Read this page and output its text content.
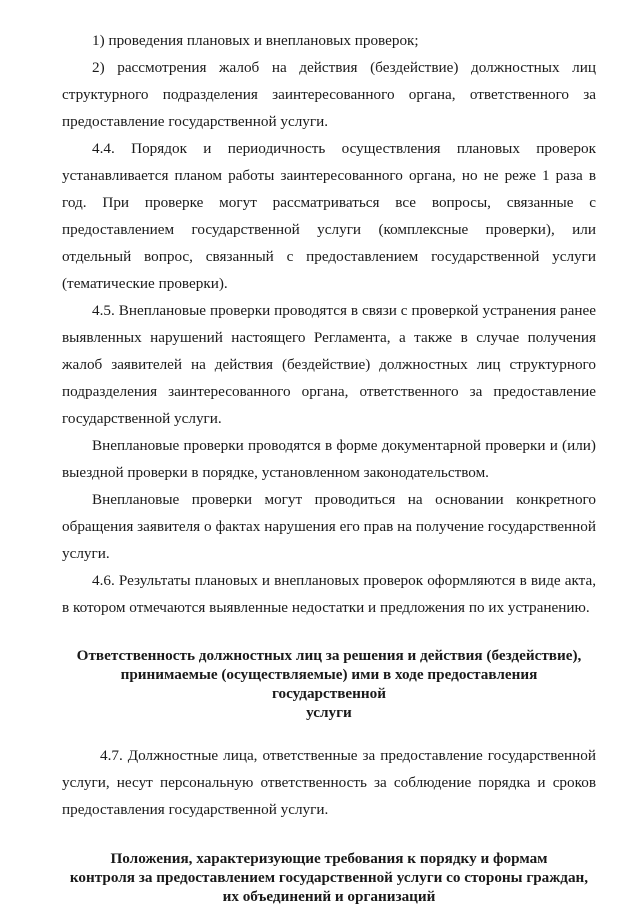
1) проведения плановых и внеплановых проверок;

2) рассмотрения жалоб на действия (бездействие) должностных лиц структурного подразделения заинтересованного органа, ответственного за предоставление государственной услуги.

4.4. Порядок и периодичность осуществления плановых проверок устанавливается планом работы заинтересованного органа, но не реже 1 раза в год. При проверке могут рассматриваться все вопросы, связанные с предоставлением государственной услуги (комплексные проверки), или отдельный вопрос, связанный с предоставлением государственной услуги (тематические проверки).

4.5. Внеплановые проверки проводятся в связи с проверкой устранения ранее выявленных нарушений настоящего Регламента, а также в случае получения жалоб заявителей на действия (бездействие) должностных лиц структурного подразделения заинтересованного органа, ответственного за предоставление государственной услуги.

Внеплановые проверки проводятся в форме документарной проверки и (или) выездной проверки в порядке, установленном законодательством.

Внеплановые проверки могут проводиться на основании конкретного обращения заявителя о фактах нарушения его прав на получение государственной услуги.

4.6. Результаты плановых и внеплановых проверок оформляются в виде акта, в котором отмечаются выявленные недостатки и предложения по их устранению.

Ответственность должностных лиц за решения и действия (бездействие),
принимаемые (осуществляемые) ими в ходе предоставления государственной
услуги

4.7. Должностные лица, ответственные за предоставление государственной услуги, несут персональную ответственность за соблюдение порядка и сроков предоставления государственной услуги.

Положения, характеризующие требования к порядку и формам
контроля за предоставлением государственной услуги со стороны граждан,
их объединений и организаций
